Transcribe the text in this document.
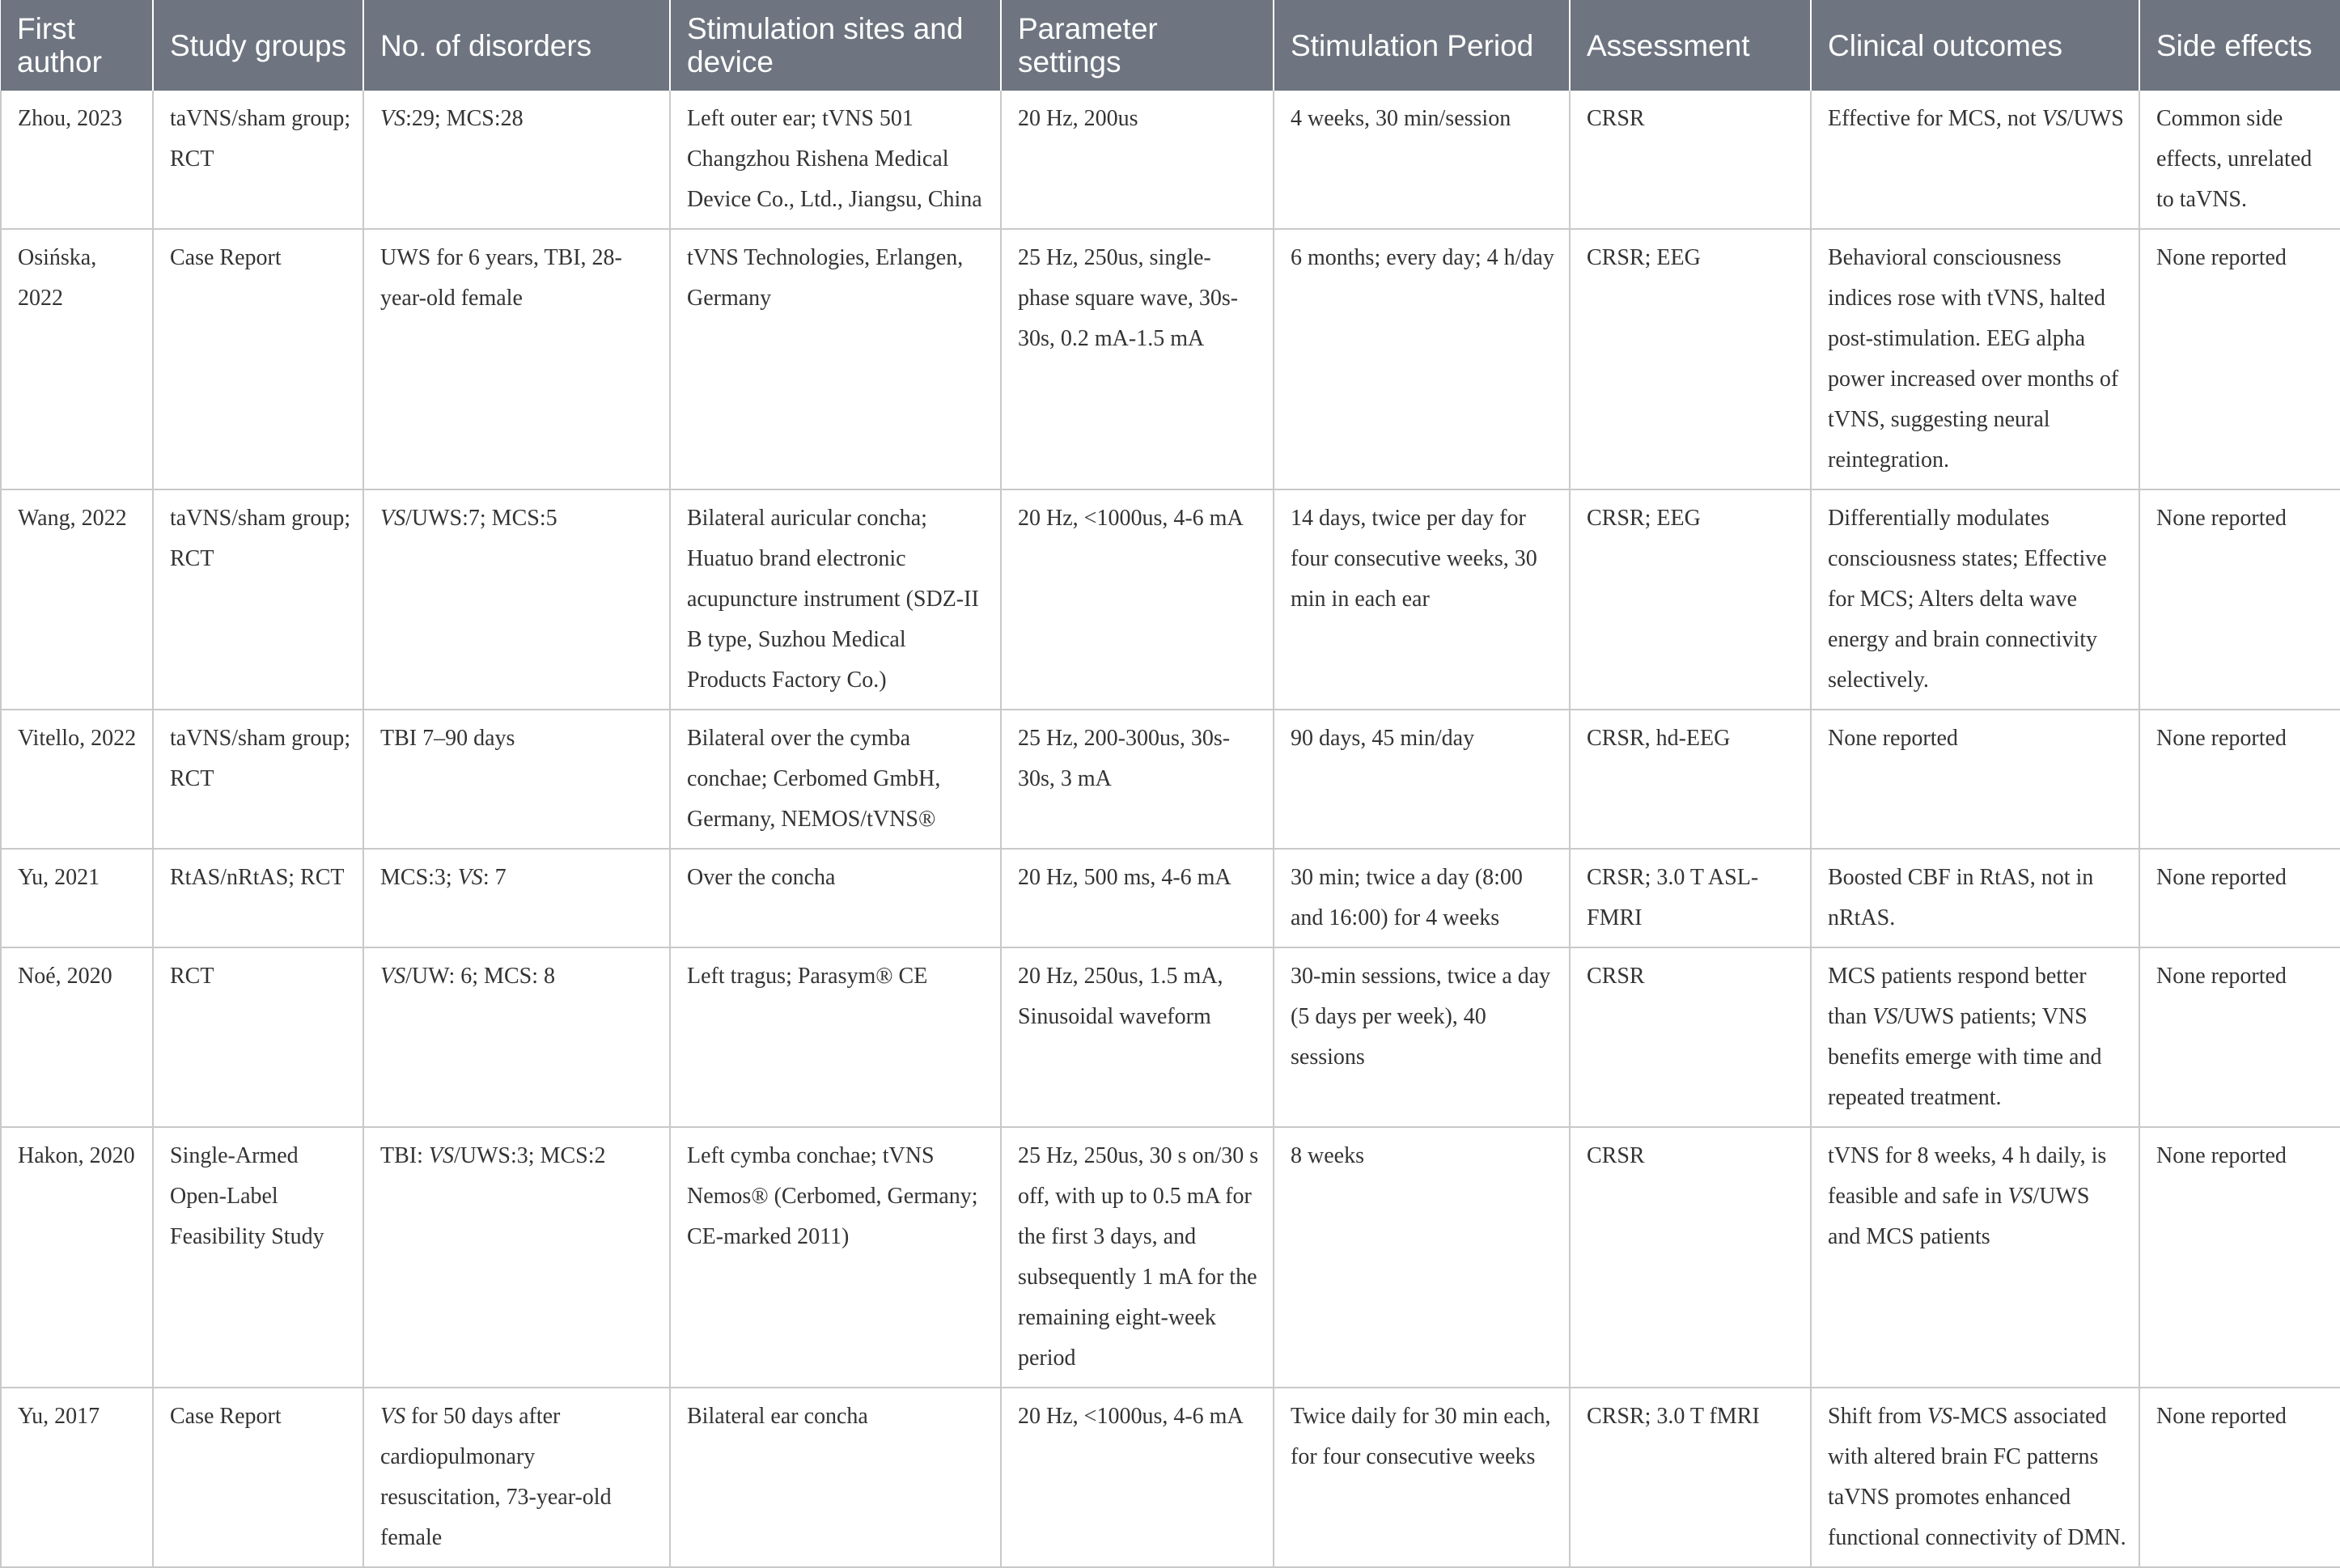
First author	Study groups	No. of disorders	Stimulation sites and device	Parameter settings	Stimulation Period	Assessment	Clinical outcomes	Side effects
Zhou, 2023	taVNS/sham group; RCT	VS:29; MCS:28	Left outer ear; tVNS 501 Changzhou Rishena Medical Device Co., Ltd., Jiangsu, China	20 Hz, 200us	4 weeks, 30 min/session	CRSR	Effective for MCS, not VS/UWS	Common side effects, unrelated to taVNS.
Osińska, 2022	Case Report	UWS for 6 years, TBI, 28-year-old female	tVNS Technologies, Erlangen, Germany	25 Hz, 250us, single-phase square wave, 30s-30s, 0.2 mA-1.5 mA	6 months; every day; 4 h/day	CRSR; EEG	Behavioral consciousness indices rose with tVNS, halted post-stimulation. EEG alpha power increased over months of tVNS, suggesting neural reintegration.	None reported
Wang, 2022	taVNS/sham group; RCT	VS/UWS:7; MCS:5	Bilateral auricular concha; Huatuo brand electronic acupuncture instrument (SDZ-II B type, Suzhou Medical Products Factory Co.)	20 Hz, <1000us, 4-6 mA	14 days, twice per day for four consecutive weeks, 30 min in each ear	CRSR; EEG	Differentially modulates consciousness states; Effective for MCS; Alters delta wave energy and brain connectivity selectively.	None reported
Vitello, 2022	taVNS/sham group; RCT	TBI 7–90 days	Bilateral over the cymba conchae; Cerbomed GmbH, Germany, NEMOS/tVNS®	25 Hz, 200-300us, 30s-30s, 3 mA	90 days, 45 min/day	CRSR, hd-EEG	None reported	None reported
Yu, 2021	RtAS/nRtAS; RCT	MCS:3; VS: 7	Over the concha	20 Hz, 500 ms, 4-6 mA	30 min; twice a day (8:00 and 16:00) for 4 weeks	CRSR; 3.0 T ASL-FMRI	Boosted CBF in RtAS, not in nRtAS.	None reported
Noé, 2020	RCT	VS/UW: 6; MCS: 8	Left tragus; Parasym® CE	20 Hz, 250us, 1.5 mA, Sinusoidal waveform	30-min sessions, twice a day (5 days per week), 40 sessions	CRSR	MCS patients respond better than VS/UWS patients; VNS benefits emerge with time and repeated treatment.	None reported
Hakon, 2020	Single-Armed Open-Label Feasibility Study	TBI: VS/UWS:3; MCS:2	Left cymba conchae; tVNS Nemos® (Cerbomed, Germany; CE-marked 2011)	25 Hz, 250us, 30 s on/30 s off, with up to 0.5 mA for the first 3 days, and subsequently 1 mA for the remaining eight-week period	8 weeks	CRSR	tVNS for 8 weeks, 4 h daily, is feasible and safe in VS/UWS and MCS patients	None reported
Yu, 2017	Case Report	VS for 50 days after cardiopulmonary resuscitation, 73-year-old female	Bilateral ear concha	20 Hz, <1000us, 4-6 mA	Twice daily for 30 min each, for four consecutive weeks	CRSR; 3.0 T fMRI	Shift from VS-MCS associated with altered brain FC patterns taVNS promotes enhanced functional connectivity of DMN.	None reported
